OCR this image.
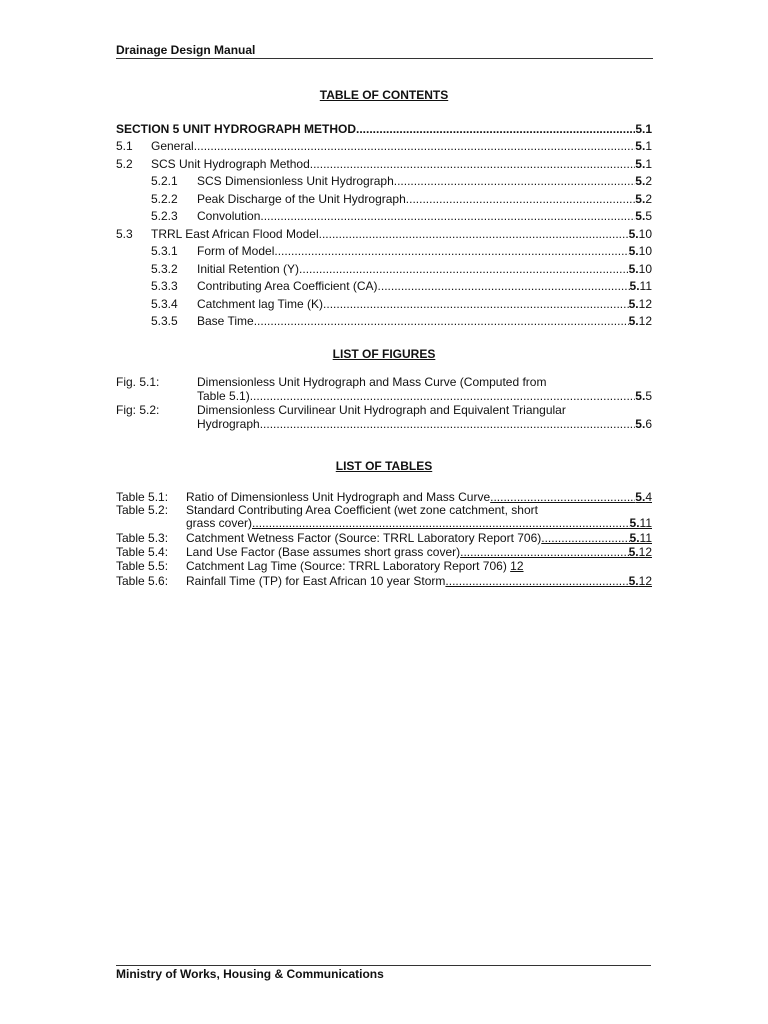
Drainage Design Manual
TABLE OF CONTENTS
SECTION 5 UNIT HYDROGRAPH METHOD .....	5.1
5.1	General .....	5.1
5.2	SCS Unit Hydrograph Method .....	5.1
5.2.1	SCS Dimensionless Unit Hydrograph .....	5.2
5.2.2	Peak Discharge of the Unit Hydrograph .....	5.2
5.2.3	Convolution .....	5.5
5.3	TRRL East African Flood Model .....	5.10
5.3.1	Form of Model .....	5.10
5.3.2	Initial Retention (Y) .....	5.10
5.3.3	Contributing Area Coefficient (CA) .....	5.11
5.3.4	Catchment lag Time (K) .....	5.12
5.3.5	Base Time .....	5.12
LIST OF FIGURES
Fig. 5.1:	Dimensionless Unit Hydrograph and Mass Curve (Computed from
Table 5.1) .....	5.5
Fig: 5.2:	Dimensionless Curvilinear Unit Hydrograph and Equivalent Triangular
Hydrograph .....	5.6
LIST OF TABLES
Table 5.1: Ratio of Dimensionless Unit Hydrograph and Mass Curve .....	5.4
Table 5.2: Standard Contributing Area Coefficient (wet zone catchment, short
grass cover) .....	5.11
Table 5.3: Catchment Wetness Factor (Source: TRRL Laboratory Report 706) .....	5.11
Table 5.4: Land Use Factor (Base assumes short grass cover) .....	5.12
Table 5.5: Catchment Lag Time (Source: TRRL Laboratory Report 706) 12
Table 5.6: Rainfall Time (TP) for East African 10 year Storm .....	5.12
Ministry of Works, Housing & Communications
